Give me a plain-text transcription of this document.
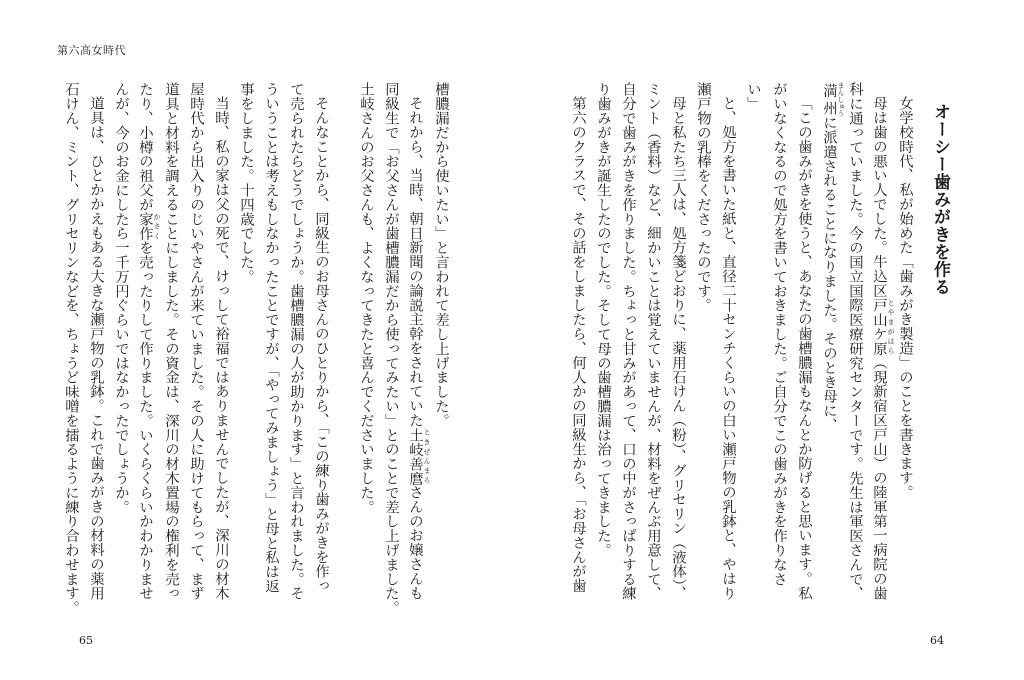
第六高女時代
オーシー歯みがきを作る
女学校時代、私が始めた「歯みがき製造」のことを書きます。
母は歯の悪い人でした。牛込区戸山ケ原 とやまがはら（現新宿区戸山）の陸軍第一病院の歯
科に通っていました。今の国立国際医療研究センターです。先生は軍医さんで、
満州 まんしゅうに派遣されることになりました。そのとき母に、
「この歯みがきを使うと、あなたの歯槽膿漏もなんとか防げると思います。私
がいなくなるので処方を書いておきました。ご自分でこの歯みがきを作りなさ
い」
と、処方を書いた紙と、直径二十センチくらいの白い瀬戸物の乳鉢と、やはり
瀬戸物の乳棒をくださったのです。
母と私たち三人は、処方箋どおりに、薬用石けん（粉）、グリセリン（液体）、
ミント（香料）など、細かいことは覚えていませんが、材料をぜんぶ用意して、
自分で歯みがきを作りました。ちょっと甘みがあって、口の中がさっぱりする練
り歯みがきが誕生したのでした。そして母の歯槽膿漏は治ってきました。
第六のクラスで、その話をしましたら、何人かの同級生から、「お母さんが歯
64
槽膿漏だから使いたい」と言われて差し上げました。
それから、当時、朝日新聞の論説主幹をされていた土岐善麿 ときぜんまろさんのお嬢さんも
同級生で「お父さんが歯槽膿漏だから使ってみたい」とのことで差し上げました。
土岐さんのお父さんも、よくなってきたと喜んでくださいました。
そんなことから、同級生のお母さんのひとりから、「この練り歯みがきを作っ
て売られたらどうでしょうか。歯槽膿漏の人が助かります」と言われました。そ
ういうことは考えもしなかったことですが、「やってみましょう」と母と私は返
事をしました。十四歳でした。
当時、私の家は父の死で、けっして裕福ではありませんでしたが、深川の材木
屋時代から出入りのじいやさんが来ていました。その人に助けてもらって、まず
道具と材料を調えることにしました。その資金は、深川の材木置場の権利を売っ
たり、小樽の祖父が家作 かさくを売ったりして作りました。いくらくらいかわかりませ
んが、今のお金にしたら一千万円ぐらいではなかったでしょうか。
道具は、ひとかかえもある大きな瀬戸物の乳鉢。これで歯みがきの材料の薬用
石けん、ミント、グリセリンなどを、ちょうど味噌を擂るように練り合わせます。
65
